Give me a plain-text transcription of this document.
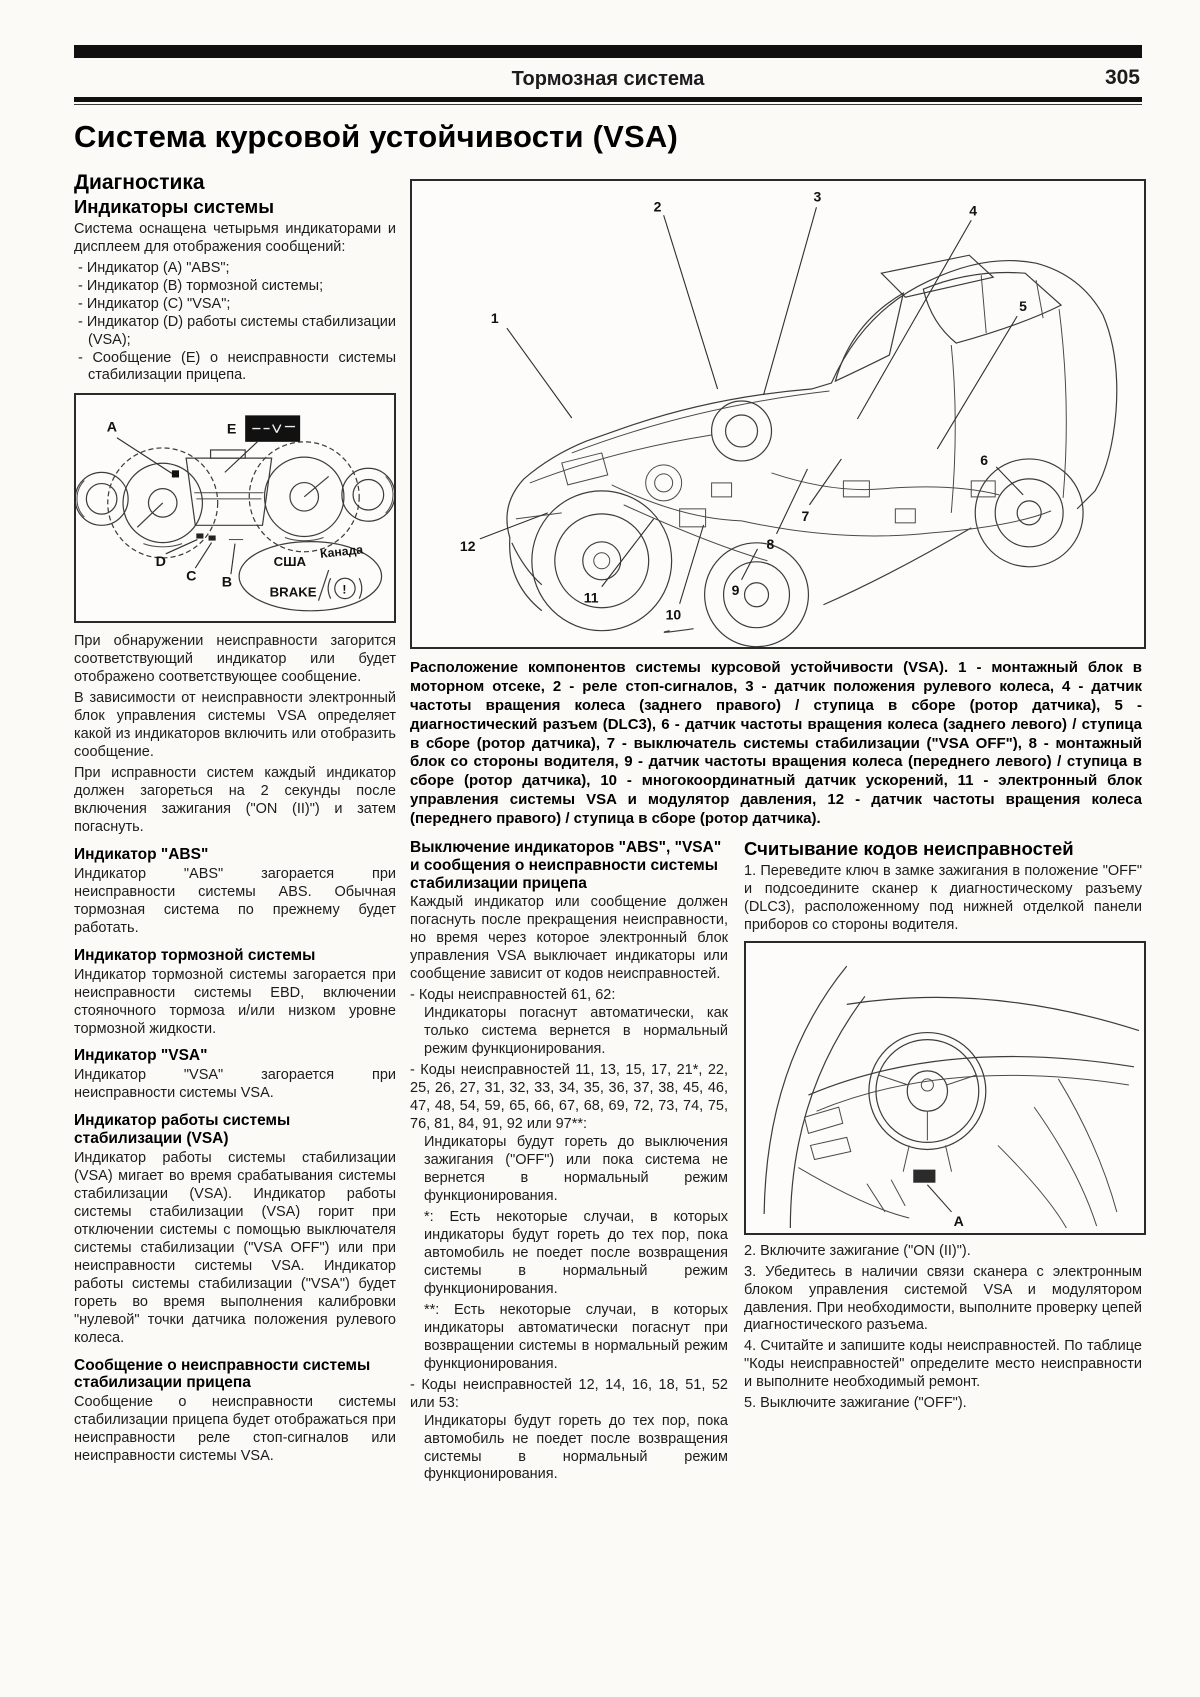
Тормозная система	305
Система курсовой устойчивости (VSA)
Диагностика
Индикаторы системы

Система оснащена четырьмя индикаторами и дисплеем для отображения сообщений:

- Индикатор (A) "ABS";
- Индикатор (B) тормозной системы;
- Индикатор (C) "VSA";
- Индикатор (D) работы системы стабилизации (VSA);
- Сообщение (E) о неисправности системы стабилизации прицепа.
E
A
D
C B
США
Канада
BRAKE !

При обнаружении неисправности загорится соответствующий индикатор или будет отображено соответствующее сообщение.

В зависимости от неисправности электронный блок управления системы VSA определяет какой из индикаторов включить или отобразить сообщение.

При исправности систем каждый индикатор должен загореться на 2 секунды после включения зажигания ("ON (II)") и затем погаснуть.

Индикатор "ABS"

Индикатор "ABS" загорается при неисправности системы ABS. Обычная тормозная система по прежнему будет работать.

Индикатор тормозной системы

Индикатор тормозной системы загорается при неисправности системы EBD, включении стояночного тормоза и/или низком уровне тормозной жидкости.

Индикатор "VSA"

Индикатор "VSA" загорается при неисправности системы VSA.

Индикатор работы системы стабилизации (VSA)

Индикатор работы системы стабилизации (VSA) мигает во время срабатывания системы стабилизации (VSA). Индикатор работы системы стабилизации (VSA) горит при отключении системы с помощью выключателя системы стабилизации ("VSA OFF") или при неисправности системы VSA. Индикатор работы системы стабилизации ("VSA") будет гореть во время выполнения калибровки "нулевой" точки датчика положения рулевого колеса.

Сообщение о неисправности системы стабилизации прицепа

Сообщение о неисправности системы стабилизации прицепа будет отображаться при неисправности реле стоп-сигналов или неисправности системы VSA.

1
2
3
4
5
6
7
8
9
10
11
12

Расположение компонентов системы курсовой устойчивости (VSA). 1 - монтажный блок в моторном отсеке, 2 - реле стоп-сигналов, 3 - датчик положения рулевого колеса, 4 - датчик частоты вращения колеса (заднего правого) / ступица в сборе (ротор датчика), 5 - диагностический разъем (DLC3), 6 - датчик частоты вращения колеса (заднего левого) / ступица в сборе (ротор датчика), 7 - выключатель системы стабилизации ("VSA OFF"), 8 - монтажный блок со стороны водителя, 9 - датчик частоты вращения колеса (переднего левого) / ступица в сборе (ротор датчика), 10 - многокоординатный датчик ускорений, 11 - электронный блок управления системы VSA и модулятор давления, 12 - датчик частоты вращения колеса (переднего правого) / ступица в сборе (ротор датчика).

Выключение индикаторов "ABS", "VSA" и сообщения о неисправности системы стабилизации прицепа

Каждый индикатор или сообщение должен погаснуть после прекращения неисправности, но время через которое электронный блок управления VSA выключает индикаторы или сообщение зависит от кодов неисправностей.

- Коды неисправностей 61, 62:

Индикаторы погаснут автоматически, как только система вернется в нормальный режим функционирования.

- Коды неисправностей 11, 13, 15, 17, 21*, 22, 25, 26, 27, 31, 32, 33, 34, 35, 36, 37, 38, 45, 46, 47, 48, 54, 59, 65, 66, 67, 68, 69, 72, 73, 74, 75, 76, 81, 84, 91, 92 или 97**:

Индикаторы будут гореть до выключения зажигания ("OFF") или пока система не вернется в нормальный режим функционирования.

*: Есть некоторые случаи, в которых индикаторы будут гореть до тех пор, пока автомобиль не поедет после возвращения системы в нормальный режим функционирования.

**: Есть некоторые случаи, в которых индикаторы автоматически погаснут при возвращении системы в нормальный режим функционирования.

- Коды неисправностей 12, 14, 16, 18, 51, 52 или 53:

Индикаторы будут гореть до тех пор, пока автомобиль не поедет после возвращения системы в нормальный режим функционирования.

Считывание кодов неисправностей

1. Переведите ключ в замке зажигания в положение "OFF" и подсоедините сканер к диагностическому разъему (DLC3), расположенному под нижней отделкой панели приборов со стороны водителя.

A

2. Включите зажигание ("ON (II)").

3. Убедитесь в наличии связи сканера с электронным блоком управления системой VSA и модулятором давления. При необходимости, выполните проверку цепей диагностического разъема.

4. Считайте и запишите коды неисправностей. По таблице "Коды неисправностей" определите место неисправности и выполните необходимый ремонт.

5. Выключите зажигание ("OFF").
